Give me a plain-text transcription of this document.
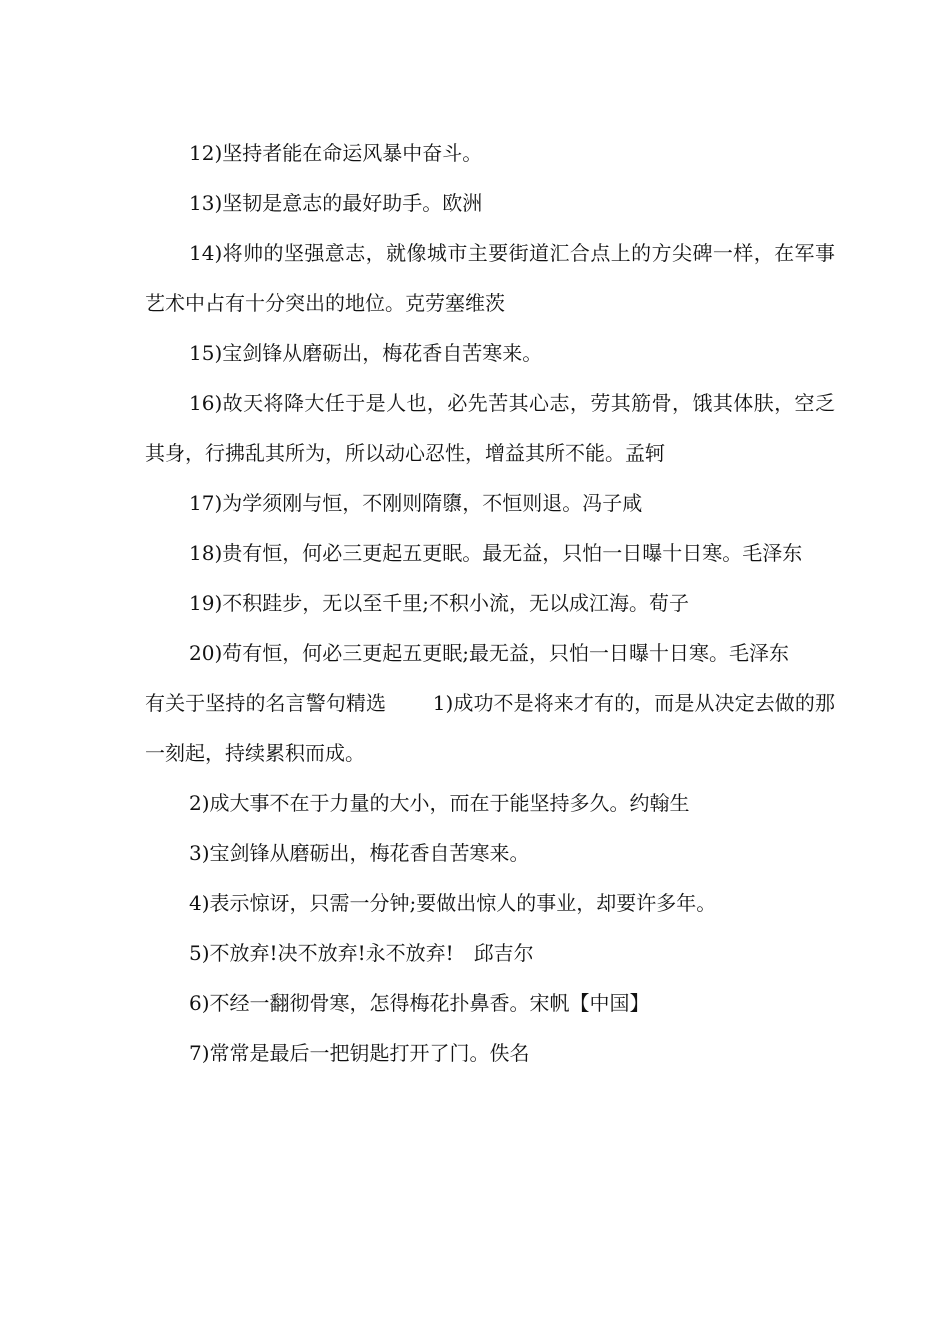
12)坚持者能在命运风暴中奋斗。

13)坚韧是意志的最好助手。欧洲

14)将帅的坚强意志，就像城市主要街道汇合点上的方尖碑一样，在军事艺术中占有十分突出的地位。克劳塞维茨

15)宝剑锋从磨砺出，梅花香自苦寒来。

16)故天将降大任于是人也，必先苦其心志，劳其筋骨，饿其体肤，空乏其身，行拂乱其所为，所以动心忍性，增益其所不能。孟轲

17)为学须刚与恒，不刚则隋隳，不恒则退。冯子咸

18)贵有恒，何必三更起五更眠。最无益，只怕一日曝十日寒。毛泽东

19)不积跬步，无以至千里;不积小流，无以成江海。荀子

20)苟有恒，何必三更起五更眠;最无益，只怕一日曝十日寒。毛泽东

有关于坚持的名言警句精选　　 1)成功不是将来才有的，而是从决定去做的那一刻起，持续累积而成。

2)成大事不在于力量的大小，而在于能坚持多久。约翰生

3)宝剑锋从磨砺出，梅花香自苦寒来。

4)表示惊讶，只需一分钟;要做出惊人的事业，却要许多年。

5)不放弃!决不放弃!永不放弃!　邱吉尔

6)不经一翻彻骨寒，怎得梅花扑鼻香。宋帆【中国】

7)常常是最后一把钥匙打开了门。佚名
